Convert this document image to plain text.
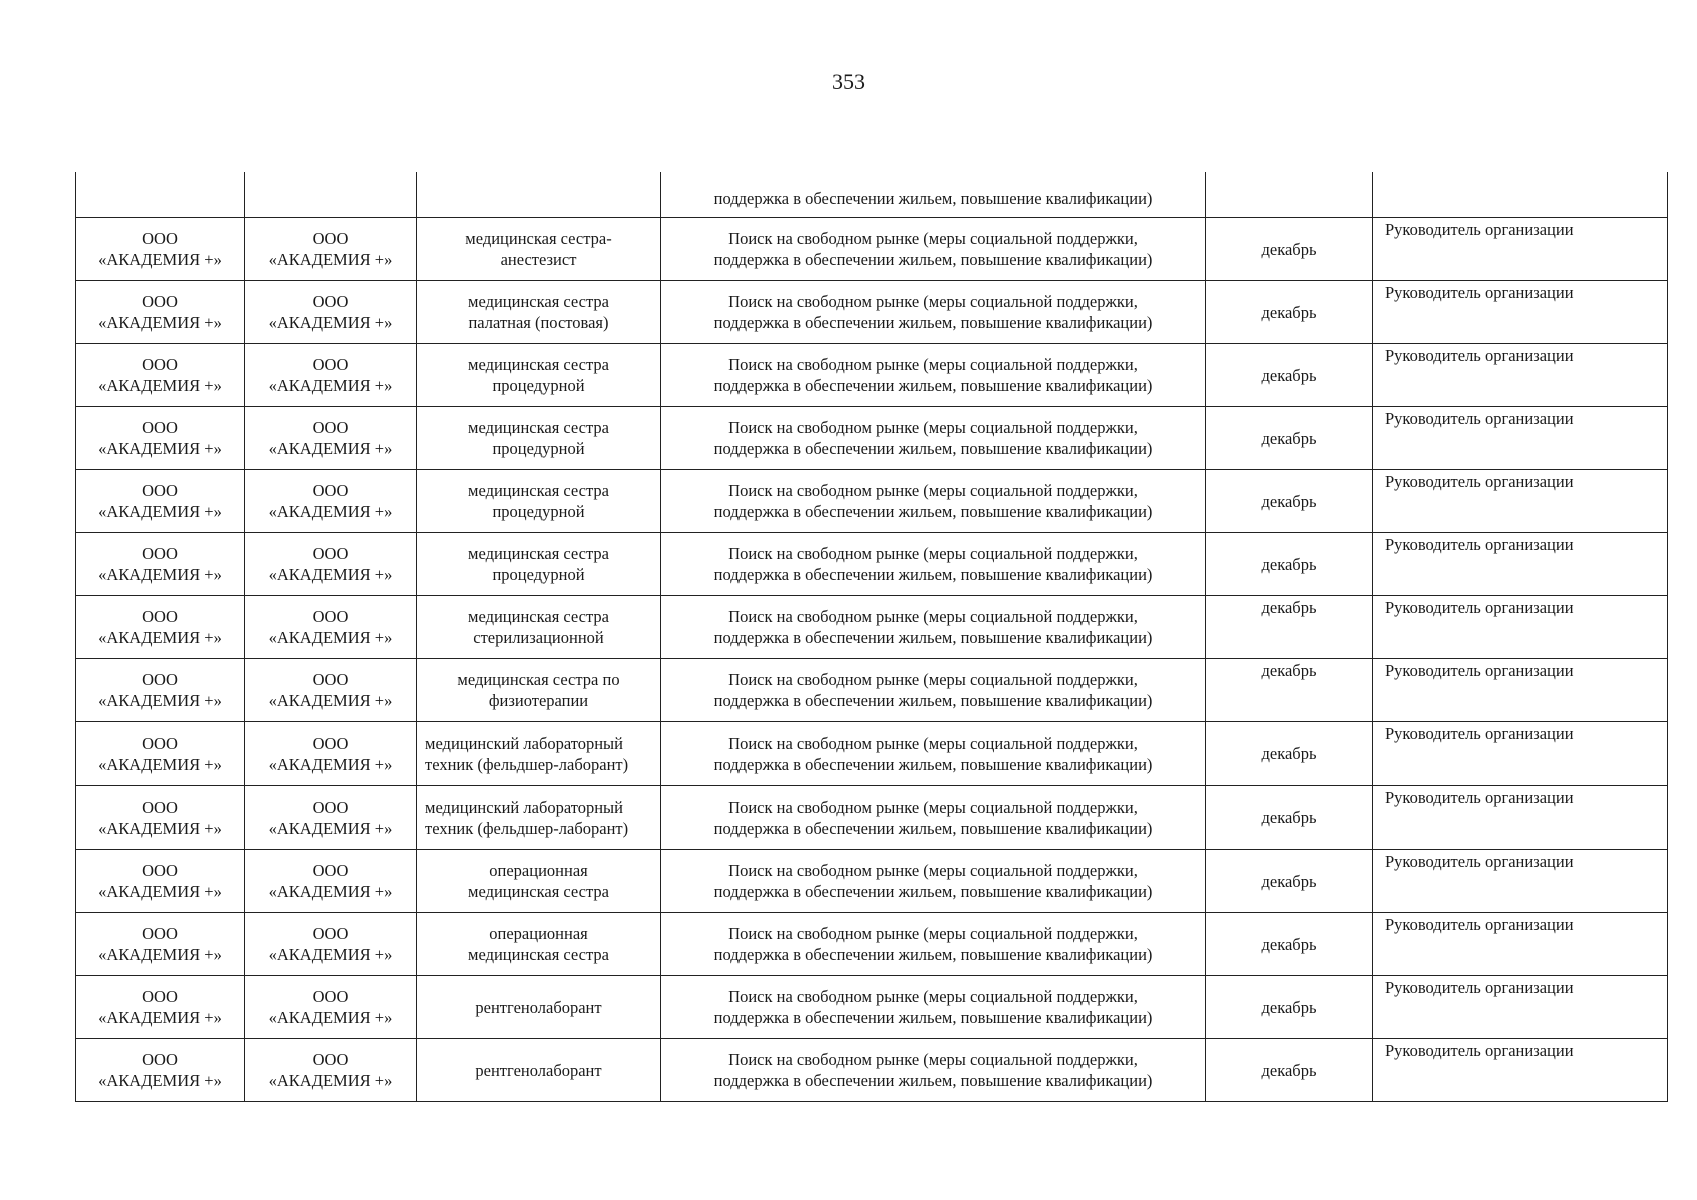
353
			поддержка в обеспечении жильем, повышение квалификации)		

ООО
«АКАДЕМИЯ +»	ООО
«АКАДЕМИЯ +»	медицинская сестра-анестезист	Поиск на свободном рынке (меры социальной поддержки,
поддержка в обеспечении жильем, повышение квалификации)	декабрь	Руководитель организации

ООО
«АКАДЕМИЯ +»	ООО
«АКАДЕМИЯ +»	медицинская сестра палатная (постовая)	Поиск на свободном рынке (меры социальной поддержки,
поддержка в обеспечении жильем, повышение квалификации)	декабрь	Руководитель организации

ООО
«АКАДЕМИЯ +»	ООО
«АКАДЕМИЯ +»	медицинская сестра процедурной	Поиск на свободном рынке (меры социальной поддержки,
поддержка в обеспечении жильем, повышение квалификации)	декабрь	Руководитель организации

ООО
«АКАДЕМИЯ +»	ООО
«АКАДЕМИЯ +»	медицинская сестра процедурной	Поиск на свободном рынке (меры социальной поддержки,
поддержка в обеспечении жильем, повышение квалификации)	декабрь	Руководитель организации

ООО
«АКАДЕМИЯ +»	ООО
«АКАДЕМИЯ +»	медицинская сестра процедурной	Поиск на свободном рынке (меры социальной поддержки,
поддержка в обеспечении жильем, повышение квалификации)	декабрь	Руководитель организации

ООО
«АКАДЕМИЯ +»	ООО
«АКАДЕМИЯ +»	медицинская сестра процедурной	Поиск на свободном рынке (меры социальной поддержки,
поддержка в обеспечении жильем, повышение квалификации)	декабрь	Руководитель организации

ООО
«АКАДЕМИЯ +»	ООО
«АКАДЕМИЯ +»	медицинская сестра стерилизационной	Поиск на свободном рынке (меры социальной поддержки,
поддержка в обеспечении жильем, повышение квалификации)	декабрь	Руководитель организации

ООО
«АКАДЕМИЯ +»	ООО
«АКАДЕМИЯ +»	медицинская сестра по физиотерапии	Поиск на свободном рынке (меры социальной поддержки,
поддержка в обеспечении жильем, повышение квалификации)	декабрь	Руководитель организации

ООО
«АКАДЕМИЯ +»	ООО
«АКАДЕМИЯ +»	медицинский лабораторный техник (фельдшер-лаборант)	Поиск на свободном рынке (меры социальной поддержки,
поддержка в обеспечении жильем, повышение квалификации)	декабрь	Руководитель организации

ООО
«АКАДЕМИЯ +»	ООО
«АКАДЕМИЯ +»	медицинский лабораторный техник (фельдшер-лаборант)	Поиск на свободном рынке (меры социальной поддержки,
поддержка в обеспечении жильем, повышение квалификации)	декабрь	Руководитель организации

ООО
«АКАДЕМИЯ +»	ООО
«АКАДЕМИЯ +»	операционная медицинская сестра	Поиск на свободном рынке (меры социальной поддержки,
поддержка в обеспечении жильем, повышение квалификации)	декабрь	Руководитель организации

ООО
«АКАДЕМИЯ +»	ООО
«АКАДЕМИЯ +»	операционная медицинская сестра	Поиск на свободном рынке (меры социальной поддержки,
поддержка в обеспечении жильем, повышение квалификации)	декабрь	Руководитель организации

ООО
«АКАДЕМИЯ +»	ООО
«АКАДЕМИЯ +»	рентгенолаборант	Поиск на свободном рынке (меры социальной поддержки,
поддержка в обеспечении жильем, повышение квалификации)	декабрь	Руководитель организации

ООО
«АКАДЕМИЯ +»	ООО
«АКАДЕМИЯ +»	рентгенолаборант	Поиск на свободном рынке (меры социальной поддержки,
поддержка в обеспечении жильем, повышение квалификации)	декабрь	Руководитель организации
